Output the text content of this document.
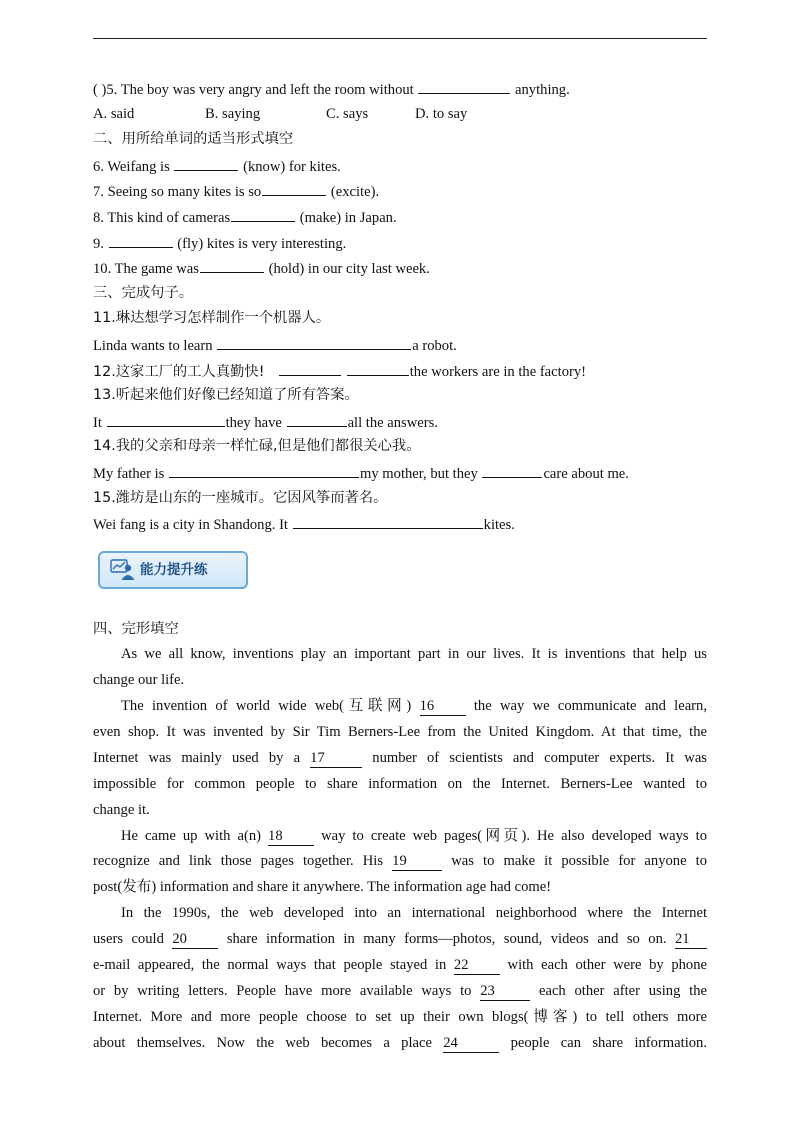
( )5. The boy was very angry and left the room without	anything.
A. said	B. saying	C. says	D. to say
二、用所给单词的适当形式填空
6. Weifang is	(know) for kites.
7. Seeing so many kites is so	(excite).
8. This kind of cameras	(make) in Japan.
9.	(fly) kites is very interesting.
10. The game was	(hold) in our city last week.
三、完成句子。
11.琳达想学习怎样制作一个机器人。
Linda wants to learn	a robot.
12.这家工厂的工人真勤快!	the workers are in the factory!
13.听起来他们好像已经知道了所有答案。
It	they have	all the answers.
14.我的父亲和母亲一样忙碌,但是他们都很关心我。
My father is	my mother, but they	care about me.
15.潍坊是山东的一座城市。它因风筝而著名。
Wei fang is a city in Shandong. It	kites.
能力提升练
四、完形填空
As we all know, inventions play an important part in our lives. It is inventions that help us
change our life.
The invention of world wide web(互联网) 16	the way we communicate and learn,
even shop. It was invented by Sir Tim Berners-Lee from the United Kingdom. At that time, the
Internet was mainly used by a 17	number of scientists and computer experts. It was
impossible for common people to share information on the Internet. Berners-Lee wanted to
change it.
He came up with a(n) 18	way to create web pages(网页). He also developed ways to
recognize and link those pages together. His 19	was to make it possible for anyone to
post(发布) information and share it anywhere. The information age had come!
In the 1990s, the web developed into an international neighborhood where the Internet
users could 20	share information in many forms—photos, sound, videos and so on. 21
e-mail appeared, the normal ways that people stayed in 22	with each other were by phone
or by writing letters. People have more available ways to 23	each other after using the
Internet. More and more people choose to set up their own blogs(博客) to tell others more
about themselves. Now the web becomes a place 24	people can share information.
